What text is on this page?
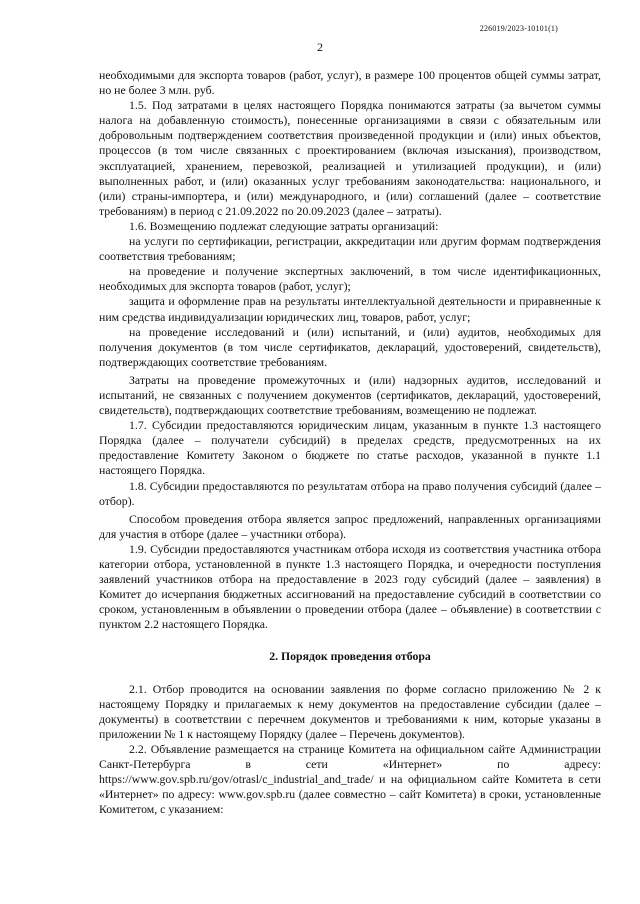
226019/2023-10101(1)
2

необходимыми для экспорта товаров (работ, услуг), в размере 100 процентов общей суммы затрат, но не более 3 млн. руб.

1.5. Под затратами в целях настоящего Порядка понимаются затраты (за вычетом суммы налога на добавленную стоимость), понесенные организациями в связи с обязательным или добровольным подтверждением соответствия произведенной продукции и (или) иных объектов, процессов (в том числе связанных с проектированием (включая изыскания), производством, эксплуатацией, хранением, перевозкой, реализацией и утилизацией продукции), и (или) выполненных работ, и (или) оказанных услуг требованиям законодательства: национального, и (или) страны-импортера, и (или) международного, и (или) соглашений (далее – соответствие требованиям) в период с 21.09.2022 по 20.09.2023 (далее – затраты).

1.6. Возмещению подлежат следующие затраты организаций:

на услуги по сертификации, регистрации, аккредитации или другим формам подтверждения соответствия требованиям;

на проведение и получение экспертных заключений, в том числе идентификационных, необходимых для экспорта товаров (работ, услуг);

защита и оформление прав на результаты интеллектуальной деятельности и приравненные к ним средства индивидуализации юридических лиц, товаров, работ, услуг;

на проведение исследований и (или) испытаний, и (или) аудитов, необходимых для получения документов (в том числе сертификатов, деклараций, удостоверений, свидетельств), подтверждающих соответствие требованиям.

Затраты на проведение промежуточных и (или) надзорных аудитов, исследований и испытаний, не связанных с получением документов (сертификатов, деклараций, удостоверений, свидетельств), подтверждающих соответствие требованиям, возмещению не подлежат.

1.7. Субсидии предоставляются юридическим лицам, указанным в пункте 1.3 настоящего Порядка (далее – получатели субсидий) в пределах средств, предусмотренных на их предоставление Комитету Законом о бюджете по статье расходов, указанной в пункте 1.1 настоящего Порядка.

1.8. Субсидии предоставляются по результатам отбора на право получения субсидий (далее – отбор).

Способом проведения отбора является запрос предложений, направленных организациями для участия в отборе (далее – участники отбора).

1.9. Субсидии предоставляются участникам отбора исходя из соответствия участника отбора категории отбора, установленной в пункте 1.3 настоящего Порядка, и очередности поступления заявлений участников отбора на предоставление в 2023 году субсидий (далее – заявления) в Комитет до исчерпания бюджетных ассигнований на предоставление субсидий в соответствии со сроком, установленным в объявлении о проведении отбора (далее – объявление) в соответствии с пунктом 2.2 настоящего Порядка.

2. Порядок проведения отбора

2.1. Отбор проводится на основании заявления по форме согласно приложению № 2 к настоящему Порядку и прилагаемых к нему документов на предоставление субсидии (далее – документы) в соответствии с перечнем документов и требованиями к ним, которые указаны в приложении № 1 к настоящему Порядку (далее – Перечень документов).

2.2. Объявление размещается на странице Комитета на официальном сайте Администрации Санкт-Петербурга в сети «Интернет» по адресу: https://www.gov.spb.ru/gov/otrasl/c_industrial_and_trade/ и на официальном сайте Комитета в сети «Интернет» по адресу: www.gov.spb.ru (далее совместно – сайт Комитета) в сроки, установленные Комитетом, с указанием:
